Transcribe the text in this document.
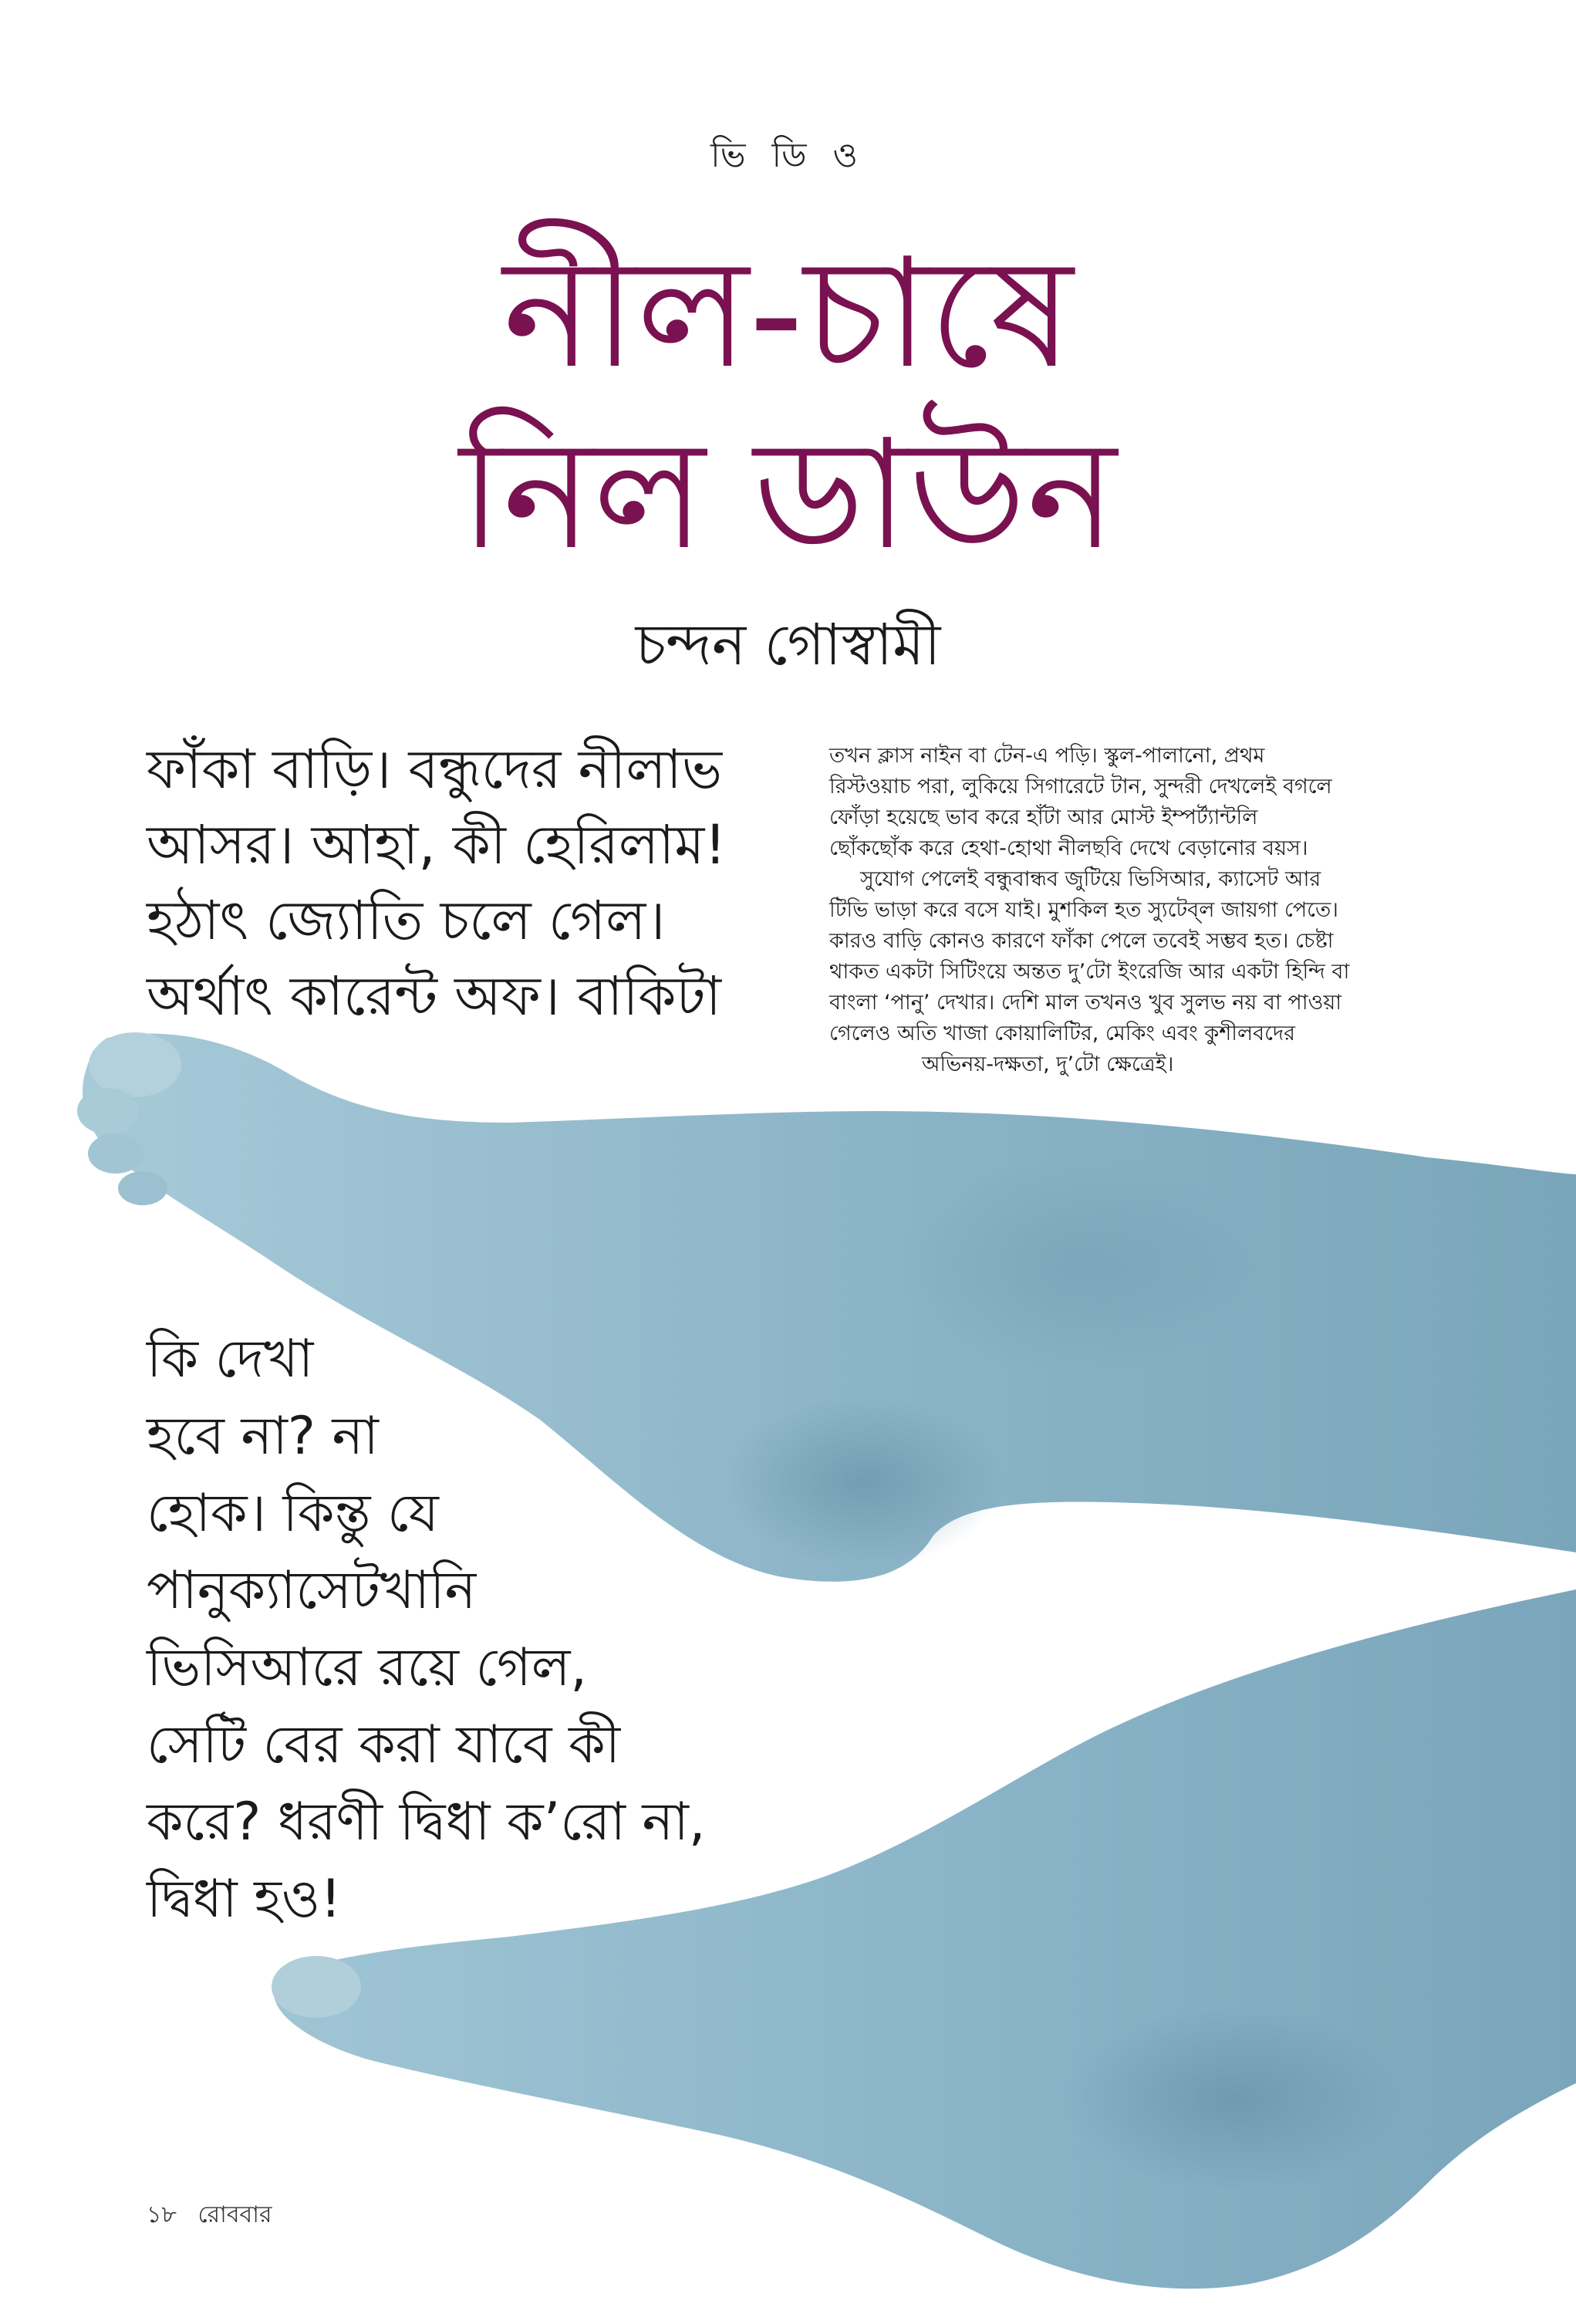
ভি ডি ও
নীল-চাষে
নিল ডাউন
চন্দন গোস্বামী
ফাঁকা বাড়ি। বন্ধুদের নীলাভ
আসর। আহা, কী হেরিলাম!
হঠাৎ জ্যোতি চলে গেল।
অর্থাৎ কারেন্ট অফ। বাকিটা
তখন ক্লাস নাইন বা টেন-এ পড়ি। স্কুল-পালানো, প্রথম
রিস্টওয়াচ পরা, লুকিয়ে সিগারেটে টান, সুন্দরী দেখলেই বগলে
ফোঁড়া হয়েছে ভাব করে হাঁটা আর মোস্ট ইম্পর্ট্যান্টলি
ছোঁকছোঁক করে হেথা-হোথা নীলছবি দেখে বেড়ানোর বয়স।
সুযোগ পেলেই বন্ধুবান্ধব জুটিয়ে ভিসিআর, ক্যাসেট আর
টিভি ভাড়া করে বসে যাই। মুশকিল হত স্যুটেব্‌ল জায়গা পেতে।
কারও বাড়ি কোনও কারণে ফাঁকা পেলে তবেই সম্ভব হত। চেষ্টা
থাকত একটা সিটিংয়ে অন্তত দু’টো ইংরেজি আর একটা হিন্দি বা
বাংলা ‘পানু’ দেখার। দেশি মাল তখনও খুব সুলভ নয় বা পাওয়া
গেলেও অতি খাজা কোয়ালিটির, মেকিং এবং কুশীলবদের
অভিনয়-দক্ষতা, দু’টো ক্ষেত্রেই।
কি দেখা
হবে না? না
হোক। কিন্তু যে
পানুক্যাসেটখানি
ভিসিআরে রয়ে গেল,
সেটি বের করা যাবে কী
করে? ধরণী দ্বিধা ক’রো না,
দ্বিধা হও!
১৮ রোববার
